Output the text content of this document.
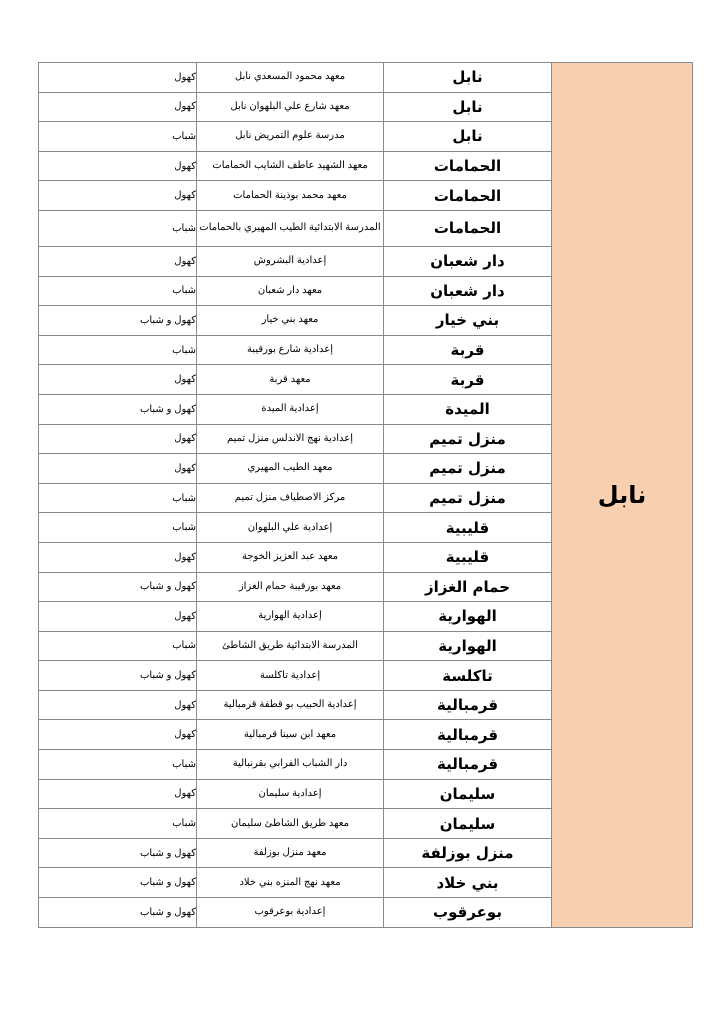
نابل	نابل	معهد محمود المسعدي نابل	كهول
	نابل	معهد شارع علي البلهوان نابل	كهول
	نابل	مدرسة علوم التمريض نابل	شباب
	الحمامات	معهد الشهيد عاطف الشايب الحمامات	كهول
	الحمامات	معهد محمد بوذينة الحمامات	كهول
	الحمامات	المدرسة الابتدائية الطيب المهيري بالحمامات	شباب
	دار شعبان	إعدادية البشروش	كهول
	دار شعبان	معهد دار شعبان	شباب
	بني خيار	معهد بني خيار	كهول و شباب
	قربة	إعدادية شارع بورقيبة	شباب
	قربة	معهد قربة	كهول
	الميدة	إعدادية الميدة	كهول و شباب
	منزل تميم	إعدادية نهج الاندلس منزل تميم	كهول
	منزل تميم	معهد الطيب المهيري	كهول
	منزل تميم	مركز الاصطياف منزل تميم	شباب
	قليبية	إعدادية علي البلهوان	شباب
	قليبية	معهد عبد العزيز الخوجة	كهول
	حمام الغزاز	معهد بورقيبة حمام الغزاز	كهول و شباب
	الهوارية	إعدادية الهوارية	كهول
	الهوارية	المدرسة الابتدائية طريق الشاطئ	شباب
	تاكلسة	إعدادية تاكلسة	كهول و شباب
	قرمبالية	إعدادية الحبيب بو قطفة قرمبالية	كهول
	قرمبالية	معهد ابن سينا قرمبالية	كهول
	قرمبالية	دار الشباب الفرابي بقرنبالية	شباب
	سليمان	إعدادية سليمان	كهول
	سليمان	معهد طريق الشاطئ سليمان	شباب
	منزل بوزلفة	معهد منزل بوزلفة	كهول و شباب
	بني خلاد	معهد نهج المنزه بني خلاد	كهول و شباب
	بوعرقوب	إعدادية بوعرقوب	كهول و شباب
